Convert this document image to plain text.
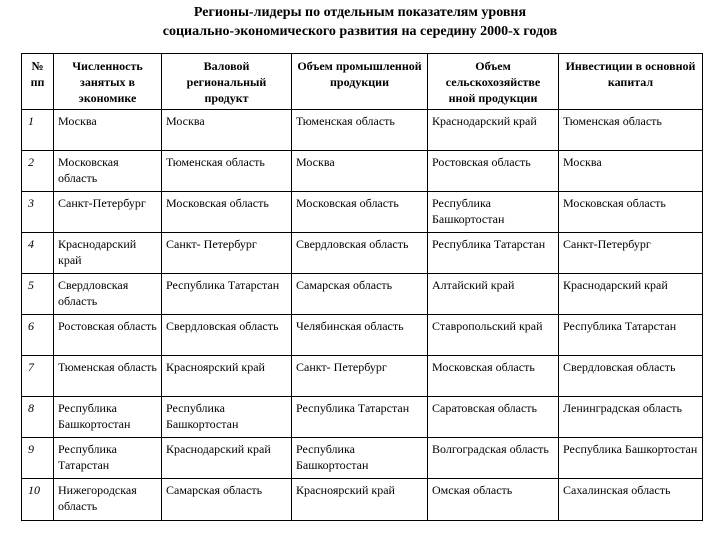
Регионы-лидеры по отдельным показателям уровня
социально-экономического развития на середину 2000-х годов
№ пп	Численность занятых в экономике	Валовой региональный продукт	Объем промышленной продукции	Объем сельскохозяйстве нной продукции	Инвестиции в основной капитал
1	Москва	Москва	Тюменская область	Краснодарский край	Тюменская область
2	Московская область	Тюменская область	Москва	Ростовская область	Москва
3	Санкт-Петербург	Московская область	Московская область	Республика Башкортостан	Московская область
4	Краснодарский край	Санкт- Петербург	Свердловская область	Республика Татарстан	Санкт-Петербург
5	Свердловская область	Республика Татарстан	Самарская область	Алтайский край	Краснодарский край
6	Ростовская область	Свердловская область	Челябинская область	Ставропольский край	Республика Татарстан
7	Тюменская область	Красноярский край	Санкт- Петербург	Московская область	Свердловская область
8	Республика Башкортостан	Республика Башкортостан	Республика Татарстан	Саратовская область	Ленинградская область
9	Республика Татарстан	Краснодарский край	Республика Башкортостан	Волгоградская область	Республика Башкортостан
10	Нижегородская область	Самарская область	Красноярский край	Омская область	Сахалинская область
